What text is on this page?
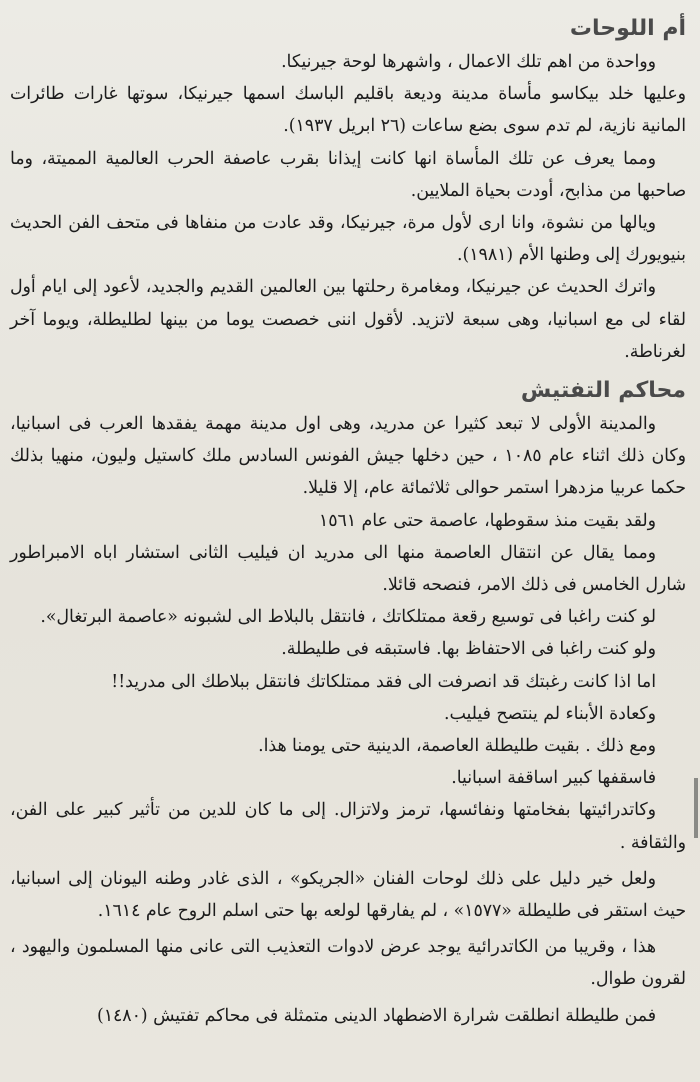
أم اللوحات

وواحدة من اهم تلك الاعمال ، واشهرها لوحة جيرنيكا.

وعليها خلد بيكاسو مأساة مدينة وديعة باقليم الباسك اسمها جيرنيكا، سوتها غارات طائرات المانية نازية، لم تدم سوى بضع ساعات (٢٦ ابريل ١٩٣٧).

ومما يعرف عن تلك المأساة انها كانت إيذانا بقرب عاصفة الحرب العالمية المميتة، وما صاحبها من مذابح، أودت بحياة الملايين.

ويالها من نشوة، وانا ارى لأول مرة، جيرنيكا، وقد عادت من منفاها فى متحف الفن الحديث بنيويورك إلى وطنها الأم (١٩٨١).

واترك الحديث عن جيرنيكا، ومغامرة رحلتها بين العالمين القديم والجديد، لأعود إلى ايام أول لقاء لى مع اسبانيا، وهى سبعة لاتزيد. لأقول اننى خصصت يوما من بينها لطليطلة، ويوما آخر لغرناطة.

محاكم التفتيش

والمدينة الأولى لا تبعد كثيرا عن مدريد، وهى اول مدينة مهمة يفقدها العرب فى اسبانيا، وكان ذلك اثناء عام ١٠٨٥ ، حين دخلها جيش الفونس السادس ملك كاستيل وليون، منهيا بذلك حكما عربيا مزدهرا استمر حوالى ثلاثمائة عام، إلا قليلا.

ولقد بقيت منذ سقوطها، عاصمة حتى عام ١٥٦١

ومما يقال عن انتقال العاصمة منها الى مدريد ان فيليب الثانى استشار اباه الامبراطور شارل الخامس فى ذلك الامر، فنصحه قائلا.

لو كنت راغبا فى توسيع رقعة ممتلكاتك ، فانتقل بالبلاط الى لشبونه «عاصمة البرتغال».

ولو كنت راغبا فى الاحتفاظ بها. فاستبقه فى طليطلة.

اما اذا كانت رغبتك قد انصرفت الى فقد ممتلكاتك فانتقل ببلاطك الى مدريد!!

وكعادة الأبناء لم ينتصح فيليب.

ومع ذلك . بقيت طليطلة العاصمة، الدينية حتى يومنا هذا.

فاسقفها كبير اساقفة اسبانيا.

وكاتدرائيتها بفخامتها ونفائسها، ترمز ولاتزال. إلى ما كان للدين من تأثير كبير على الفن، والثقافة .

ولعل خير دليل على ذلك لوحات الفنان «الجريكو» ، الذى غادر وطنه اليونان إلى اسبانيا، حيث استقر فى طليطلة «١٥٧٧» ، لم يفارقها لولعه بها حتى اسلم الروح عام ١٦١٤.

هذا ، وقريبا من الكاتدرائية يوجد عرض لادوات التعذيب التى عانى منها المسلمون واليهود ، لقرون طوال.

فمن طليطلة انطلقت شرارة الاضطهاد الدينى متمثلة فى محاكم تفتيش (١٤٨٠)
